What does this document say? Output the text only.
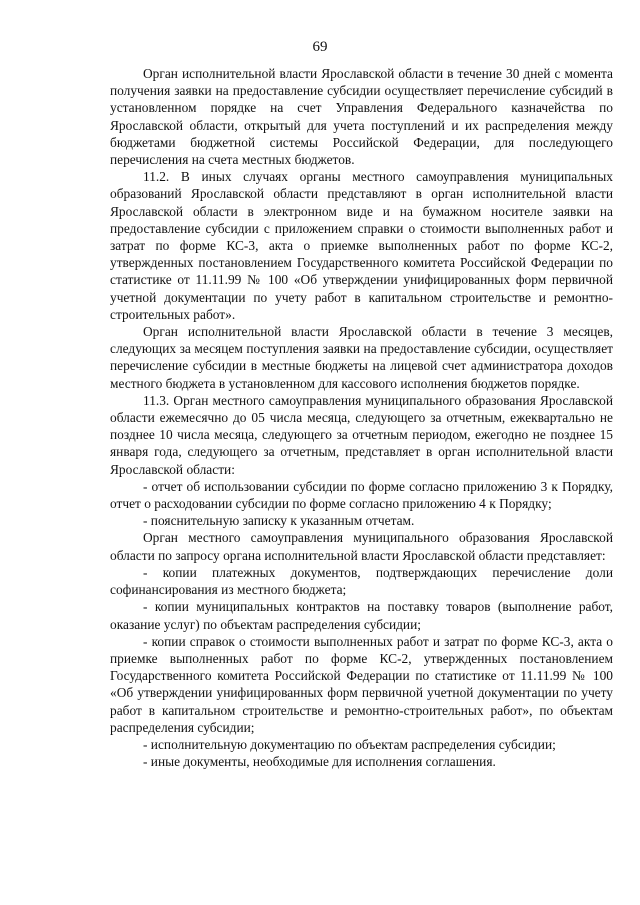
69

Орган исполнительной власти Ярославской области в течение 30 дней с момента получения заявки на предоставление субсидии осуществляет перечисление субсидий в установленном порядке на счет Управления Федерального казначейства по Ярославской области, открытый для учета поступлений и их распределения между бюджетами бюджетной системы Российской Федерации, для последующего перечисления на счета местных бюджетов.

11.2. В иных случаях органы местного самоуправления муниципальных образований Ярославской области представляют в орган исполнительной власти Ярославской области в электронном виде и на бумажном носителе заявки на предоставление субсидии с приложением справки о стоимости выполненных работ и затрат по форме КС-3, акта о приемке выполненных работ по форме КС-2, утвержденных постановлением Государственного комитета Российской Федерации по статистике от 11.11.99 № 100 «Об утверждении унифицированных форм первичной учетной документации по учету работ в капитальном строительстве и ремонтно-строительных работ».

Орган исполнительной власти Ярославской области в течение 3 месяцев, следующих за месяцем поступления заявки на предоставление субсидии, осуществляет перечисление субсидии в местные бюджеты на лицевой счет администратора доходов местного бюджета в установленном для кассового исполнения бюджетов порядке.

11.3. Орган местного самоуправления муниципального образования Ярославской области ежемесячно до 05 числа месяца, следующего за отчетным, ежеквартально не позднее 10 числа месяца, следующего за отчетным периодом, ежегодно не позднее 15 января года, следующего за отчетным, представляет в орган исполнительной власти Ярославской области:

- отчет об использовании субсидии по форме согласно приложению 3 к Порядку, отчет о расходовании субсидии по форме согласно приложению 4 к Порядку;

- пояснительную записку к указанным отчетам.

Орган местного самоуправления муниципального образования Ярославской области по запросу органа исполнительной власти Ярославской области представляет:

- копии платежных документов, подтверждающих перечисление доли софинансирования из местного бюджета;

- копии муниципальных контрактов на поставку товаров (выполнение работ, оказание услуг) по объектам распределения субсидии;

- копии справок о стоимости выполненных работ и затрат по форме КС-3, акта о приемке выполненных работ по форме КС-2, утвержденных постановлением Государственного комитета Российской Федерации по статистике от 11.11.99 № 100 «Об утверждении унифицированных форм первичной учетной документации по учету работ в капитальном строительстве и ремонтно-строительных работ», по объектам распределения субсидии;

- исполнительную документацию по объектам распределения субсидии;

- иные документы, необходимые для исполнения соглашения.
